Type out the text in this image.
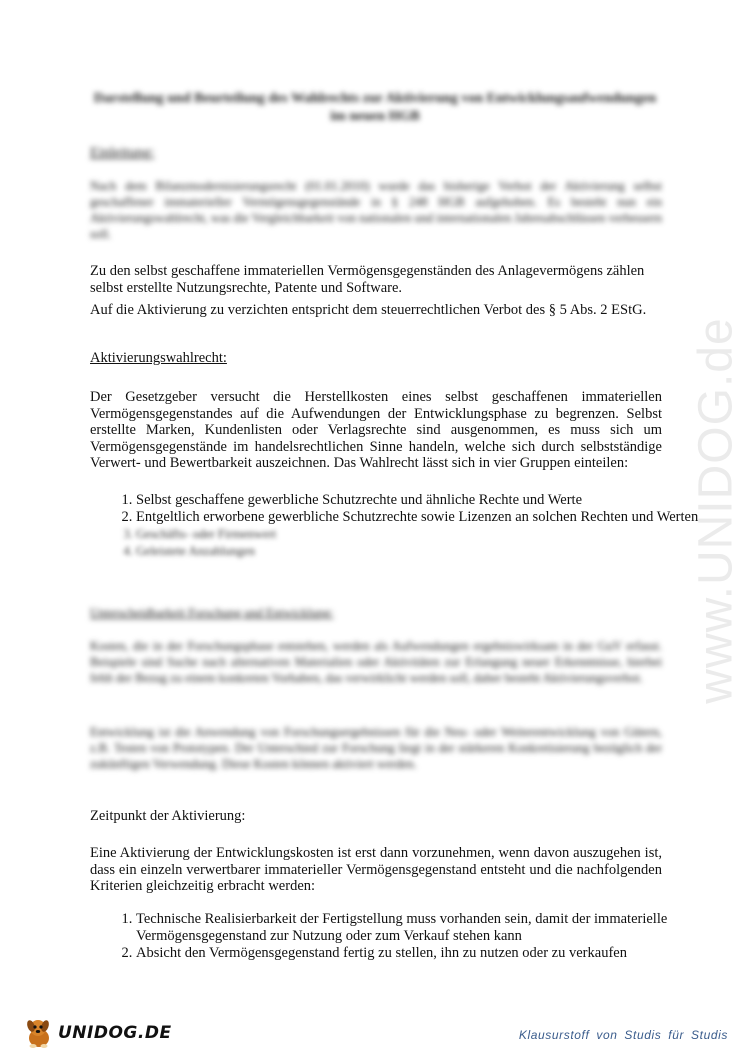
www.UNIDOG.de
Darstellung und Beurteilung des Wahlrechts zur Aktivierung von Entwicklungsaufwendungen im neuen HGB
Einleitung:
Nach dem Bilanzmodernisierungsrecht (01.01.2010) wurde das bisherige Verbot der Aktivierung selbst geschaffener immaterieller Vermögensgegenstände in § 248 HGB aufgehoben. Es besteht nun ein Aktivierungswahlrecht, was die Vergleichbarkeit von nationalen und internationalen Jahresabschlüssen verbessern soll.
Zu den selbst geschaffene immateriellen Vermögensgegenständen des Anlagevermögens zählen selbst erstellte Nutzungsrechte, Patente und Software.
Auf die Aktivierung zu verzichten entspricht dem steuerrechtlichen Verbot des § 5 Abs. 2 EStG.
Aktivierungswahlrecht:
Der Gesetzgeber versucht die Herstellkosten eines selbst geschaffenen immateriellen Vermögensgegenstandes auf die Aufwendungen der Entwicklungsphase zu begrenzen. Selbst erstellte Marken, Kundenlisten oder Verlagsrechte sind ausgenommen, es muss sich um Vermögensgegenstände im handelsrechtlichen Sinne handeln, welche sich durch selbstständige Verwert- und Bewertbarkeit auszeichnen. Das Wahlrecht lässt sich in vier Gruppen einteilen:
1. Selbst geschaffene gewerbliche Schutzrechte und ähnliche Rechte und Werte
2. Entgeltlich erworbene gewerbliche Schutzrechte sowie Lizenzen an solchen Rechten und Werten
3. Geschäfts- oder Firmenwert
4. Geleistete Anzahlungen
Unterscheidbarkeit Forschung und Entwicklung:
Kosten, die in der Forschungsphase entstehen, werden als Aufwendungen ergebniswirksam in der GuV erfasst. Beispiele sind Suche nach alternativen Materialien oder Aktivitäten zur Erlangung neuer Erkenntnisse, hierbei fehlt der Bezug zu einem konkreten Vorhaben, das verwirklicht werden soll, daher besteht Aktivierungsverbot.
Entwicklung ist die Anwendung von Forschungsergebnissen für die Neu- oder Weiterentwicklung von Gütern, z.B. Testen von Prototypen. Der Unterschied zur Forschung liegt in der stärkeren Konkretisierung bezüglich der zukünftigen Verwendung. Diese Kosten können aktiviert werden.
Zeitpunkt der Aktivierung:
Eine Aktivierung der Entwicklungskosten ist erst dann vorzunehmen, wenn davon auszugehen ist, dass ein einzeln verwertbarer immaterieller Vermögensgegenstand entsteht und die nachfolgenden Kriterien gleichzeitig erbracht werden:
1. Technische Realisierbarkeit der Fertigstellung muss vorhanden sein, damit der immaterielle Vermögensgegenstand zur Nutzung oder zum Verkauf stehen kann
2. Absicht den Vermögensgegenstand fertig zu stellen, ihn zu nutzen oder zu verkaufen
UNIDOG.DE	Klausurstoff von Studis für Studis
